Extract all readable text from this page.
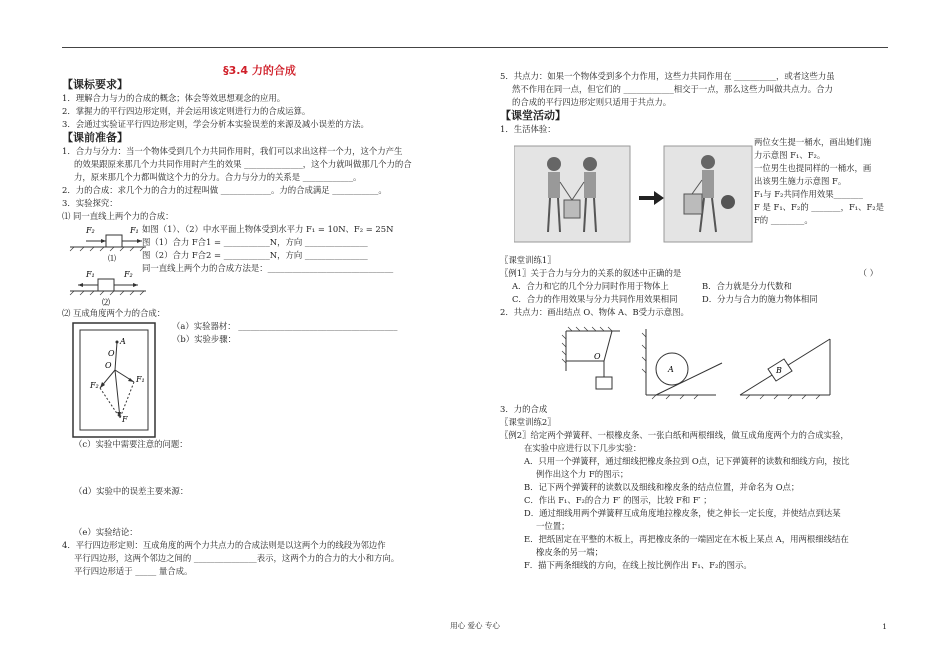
§3.4 力的合成
【课标要求】

1．理解合力与力的合成的概念；体会等效思想观念的应用。

2．掌握力的平行四边形定则，并会运用该定则进行力的合成运算。

3．会通过实验证平行四边形定则，学会分析本实验误差的来源及减小误差的方法。

【课前准备】

1．合力与分力：当一个物体受到几个力共同作用时，我们可以求出这样一个力，这个力产生

的效果跟原来那几个力共同作用时产生的效果 ______________，这个力就叫做那几个力的合

力，原来那几个力都叫做这个力的分力。合力与分力的关系是 ____________。

2．力的合成：求几个力的合力的过程叫做 ____________。力的合成满足 ___________。

3．实验探究：

⑴ 同一直线上两个力的合成：

F₂	F₁
⑴
F₁	F₂
⑵

如图（1）、（2）中水平面上物体受到水平力 F₁ = 10N、F₂ = 25N

图（1）合力 F合1 = ___________N，方向 _______________

图（2）合力 F合2 = ___________N，方向 _______________

同一直线上两个力的合成方法是：______________________________

⑵ 互成角度两个力的合成：

A
O
O
F₂
F₁
F

（a）实验器材： ______________________________________

（b）实验步骤：

（c）实验中需要注意的问题：

（d）实验中的误差主要来源：

（e）实验结论：

4．平行四边形定则：互成角度的两个力共点力的合成法则是以这两个力的线段为邻边作

平行四边形，这两个邻边之间的 _______________表示，这两个力的合力的大小和方向。

平行四边形适于 _____ 量合成。

5．共点力：如果一个物体受到多个力作用，这些力共同作用在 __________，或者这些力虽

然不作用在同一点，但它们的 ____________相交于一点，那么这些力叫做共点力。合力

的合成的平行四边形定则只适用于共点力。

【课堂活动】

1．生活体验：

两位女生提一桶水，画出她们施

力示意图 F₁、F₂。

一位男生也提同样的一桶水，画

出该男生施力示意图 F。

F₁与 F₂共同作用效果_______

F 是 F₁、F₂的 _______，F₁、F₂是

F的 ________。

〖课堂训练1〗

〖例1〗关于合力与分力的关系的叙述中正确的是	（ ）

A．合力和它的几个分力同时作用于物体上	B．合力就是分力代数和

C．合力的作用效果与分力共同作用效果相同	D．分力与合力的施力物体相同

2．共点力：画出结点 O、物体 A、B受力示意图。

O
A	B

3．力的合成

〖课堂训练2〗

〖例2〗给定两个弹簧秤、一根橡皮条、一张白纸和两根细线，做互成角度两个力的合成实验，

在实验中应进行以下几步实验：

A．只用一个弹簧秤，通过细线把橡皮条拉到 O点，记下弹簧秤的读数和细线方向，按比

例作出这个力 F的图示；

B．记下两个弹簧秤的读数以及细线和橡皮条的结点位置，并命名为 O点；

C．作出 F₁、F₂的合力 F′ 的图示，比较 F和 F′ ；

D．通过细线用两个弹簧秤互成角度地拉橡皮条，使之伸长一定长度，并使结点到达某

一位置；

E．把纸固定在平整的木板上，再把橡皮条的一端固定在木板上某点 A，用两根细线结在

橡皮条的另一端；

F．描下两条细线的方向，在线上按比例作出 F₁、F₂的图示。

用心 爱心 专心	1
